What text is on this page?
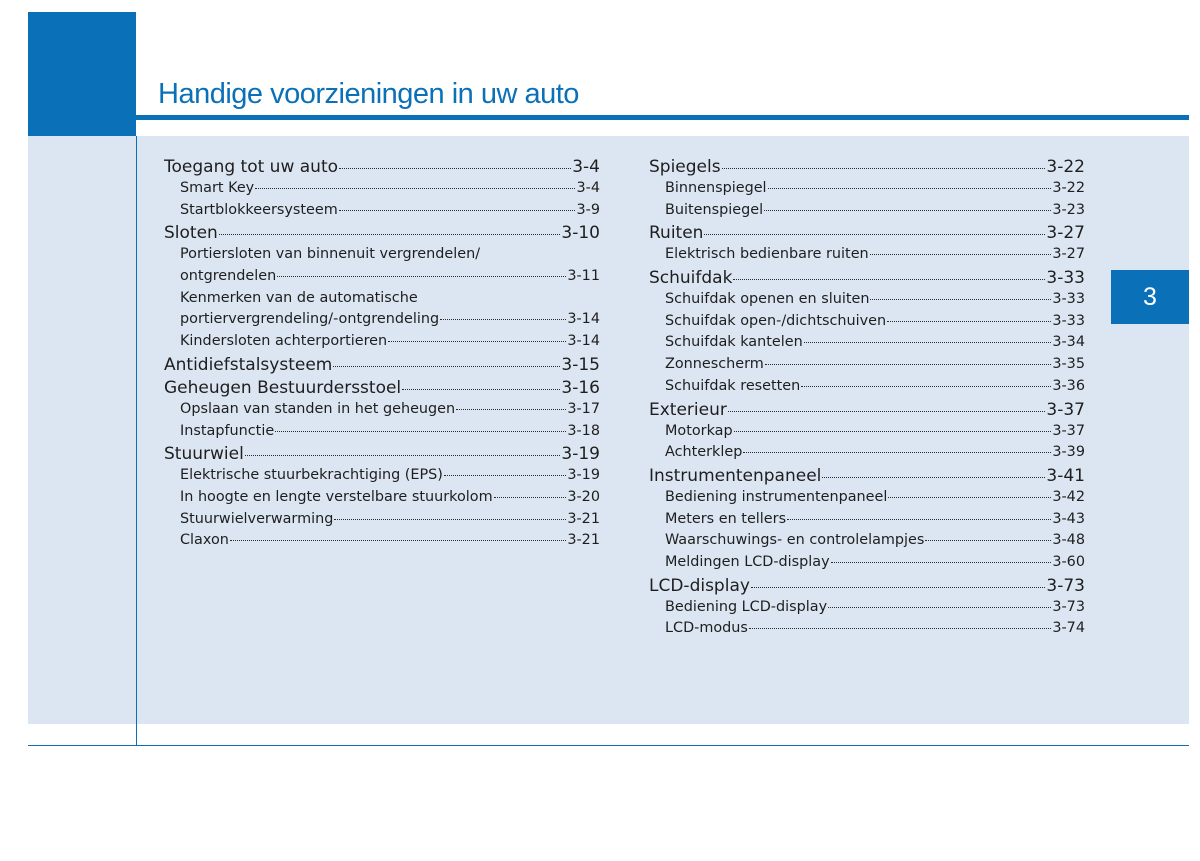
Handige voorzieningen in uw auto
3
Toegang tot uw auto	3-4
Smart Key	3-4
Startblokkeersysteem	3-9
Sloten	3-10
Portiersloten van binnenuit vergrendelen/
ontgrendelen	3-11
Kenmerken van de automatische
portiervergrendeling/-ontgrendeling	3-14
Kindersloten achterportieren	3-14
Antidiefstalsysteem	3-15
Geheugen Bestuurdersstoel	3-16
Opslaan van standen in het geheugen	3-17
Instapfunctie	3-18
Stuurwiel	3-19
Elektrische stuurbekrachtiging (EPS)	3-19
In hoogte en lengte verstelbare stuurkolom	3-20
Stuurwielverwarming	3-21
Claxon	3-21
Spiegels	3-22
Binnenspiegel	3-22
Buitenspiegel	3-23
Ruiten	3-27
Elektrisch bedienbare ruiten	3-27
Schuifdak	3-33
Schuifdak openen en sluiten	3-33
Schuifdak open-/dichtschuiven	3-33
Schuifdak kantelen	3-34
Zonnescherm	3-35
Schuifdak resetten	3-36
Exterieur	3-37
Motorkap	3-37
Achterklep	3-39
Instrumentenpaneel	3-41
Bediening instrumentenpaneel	3-42
Meters en tellers	3-43
Waarschuwings- en controlelampjes	3-48
Meldingen LCD-display	3-60
LCD-display	3-73
Bediening LCD-display	3-73
LCD-modus	3-74
